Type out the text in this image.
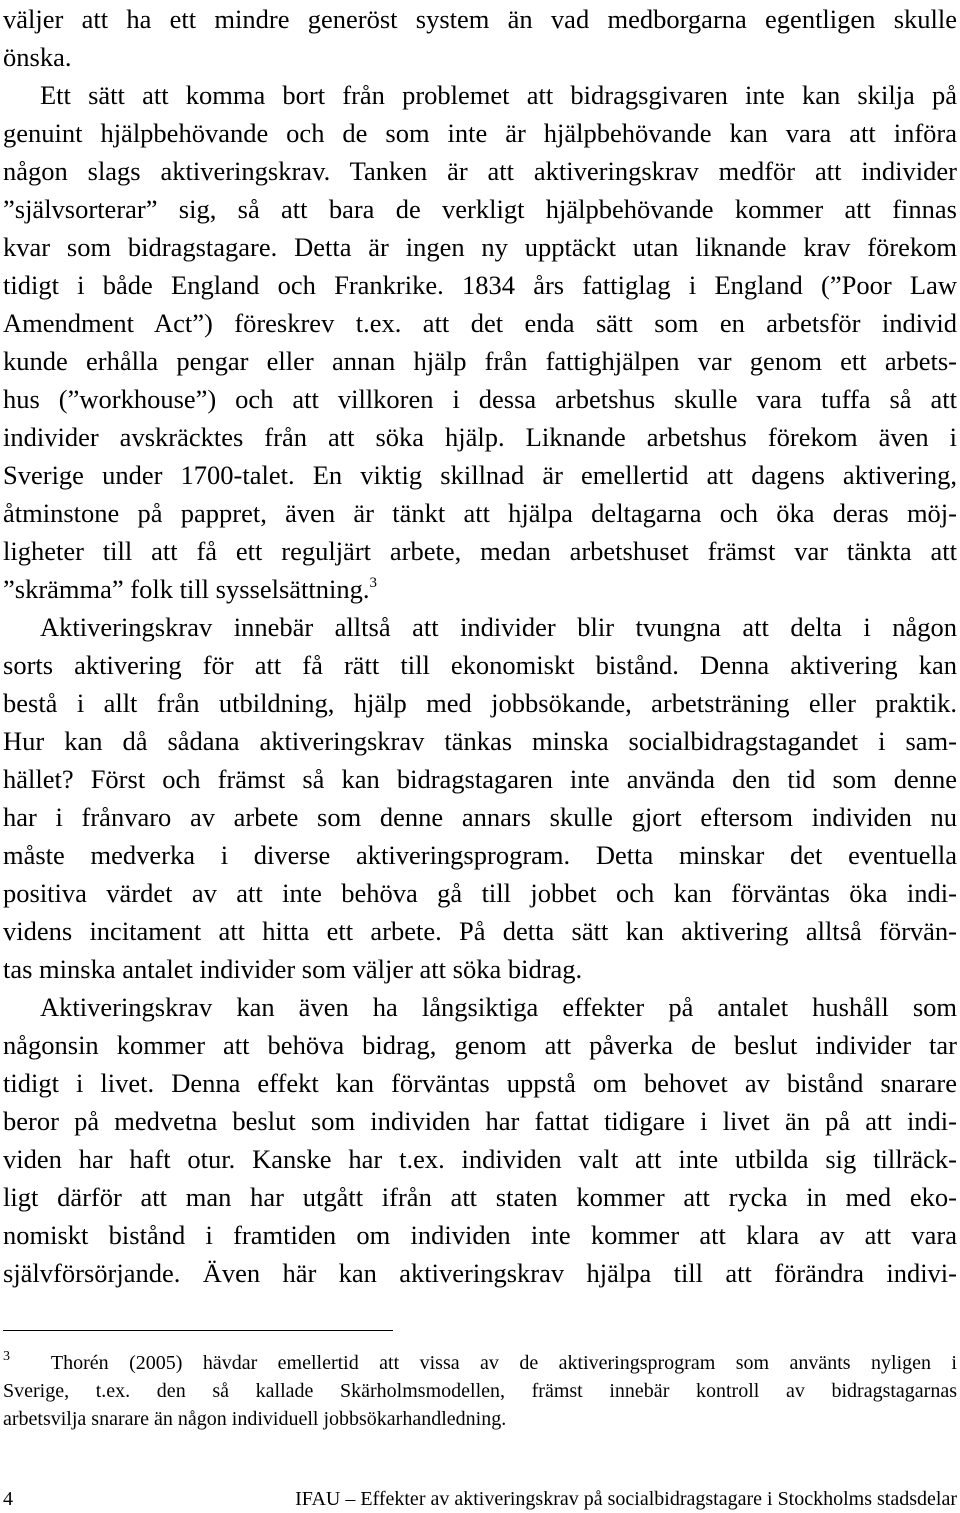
väljer att ha ett mindre generöst system än vad medborgarna egentligen skulle
önska.
Ett sätt att komma bort från problemet att bidragsgivaren inte kan skilja på
genuint hjälpbehövande och de som inte är hjälpbehövande kan vara att införa
någon slags aktiveringskrav. Tanken är att aktiveringskrav medför att individer
”självsorterar” sig, så att bara de verkligt hjälpbehövande kommer att finnas
kvar som bidragstagare. Detta är ingen ny upptäckt utan liknande krav förekom
tidigt i både England och Frankrike. 1834 års fattiglag i England (”Poor Law
Amendment Act”) föreskrev t.ex. att det enda sätt som en arbetsför individ
kunde erhålla pengar eller annan hjälp från fattighjälpen var genom ett arbets-
hus (”workhouse”) och att villkoren i dessa arbetshus skulle vara tuffa så att
individer avskräcktes från att söka hjälp. Liknande arbetshus förekom även i
Sverige under 1700-talet. En viktig skillnad är emellertid att dagens aktivering,
åtminstone på pappret, även är tänkt att hjälpa deltagarna och öka deras möj-
ligheter till att få ett reguljärt arbete, medan arbetshuset främst var tänkta att
”skrämma” folk till sysselsättning.$^3$
Aktiveringskrav innebär alltså att individer blir tvungna att delta i någon
sorts aktivering för att få rätt till ekonomiskt bistånd. Denna aktivering kan
bestå i allt från utbildning, hjälp med jobbsökande, arbetsträning eller praktik.
Hur kan då sådana aktiveringskrav tänkas minska socialbidragstagandet i sam-
hället? Först och främst så kan bidragstagaren inte använda den tid som denne
har i frånvaro av arbete som denne annars skulle gjort eftersom individen nu
måste medverka i diverse aktiveringsprogram. Detta minskar det eventuella
positiva värdet av att inte behöva gå till jobbet och kan förväntas öka indi-
videns incitament att hitta ett arbete. På detta sätt kan aktivering alltså förvän-
tas minska antalet individer som väljer att söka bidrag.
Aktiveringskrav kan även ha långsiktiga effekter på antalet hushåll som
någonsin kommer att behöva bidrag, genom att påverka de beslut individer tar
tidigt i livet. Denna effekt kan förväntas uppstå om behovet av bistånd snarare
beror på medvetna beslut som individen har fattat tidigare i livet än på att indi-
viden har haft otur. Kanske har t.ex. individen valt att inte utbilda sig tillräck-
ligt därför att man har utgått ifrån att staten kommer att rycka in med eko-
nomiskt bistånd i framtiden om individen inte kommer att klara av att vara
självförsörjande. Även här kan aktiveringskrav hjälpa till att förändra indivi-
$^3$ Thorén (2005) hävdar emellertid att vissa av de aktiveringsprogram som använts nyligen i
Sverige, t.ex. den så kallade Skärholmsmodellen, främst innebär kontroll av bidragstagarnas
arbetsvilja snarare än någon individuell jobbsökarhandledning.
4	IFAU – Effekter av aktiveringskrav på socialbidragstagare i Stockholms stadsdelar
